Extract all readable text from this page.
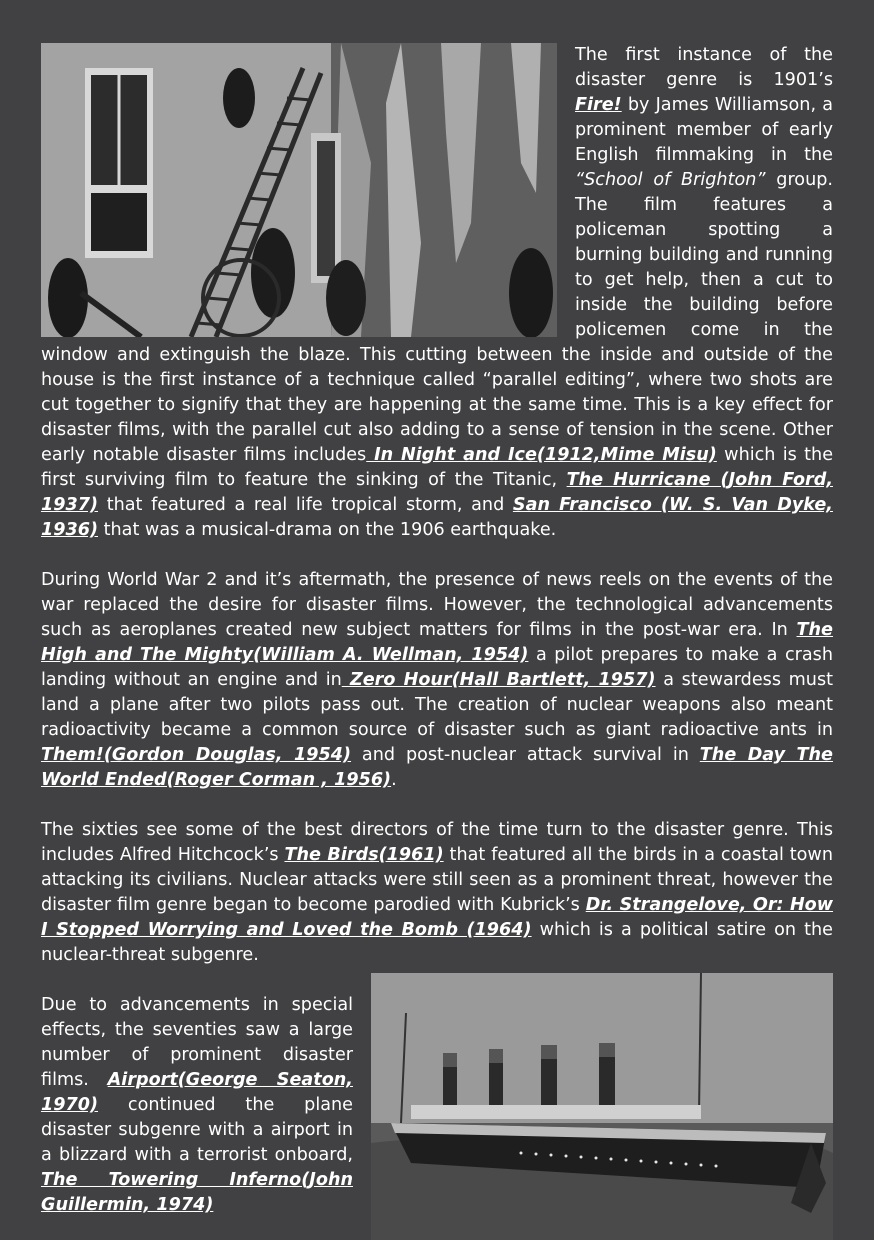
The first instance of the disaster genre is 1901’s Fire! by James Williamson, a prominent member of early English filmmaking in the “School of Brighton” group. The film features a policeman spotting a burning building and running to get help, then a cut to inside the building before policemen come in the window and extinguish the blaze. This cutting between the inside and outside of the house is the first instance of a technique called “parallel editing”, where two shots are cut together to signify that they are happening at the same time. This is a key effect for disaster films, with the parallel cut also adding to a sense of tension in the scene. Other early notable disaster films includes In Night and Ice(1912,Mime Misu) which is the first surviving film to feature the sinking of the Titanic, The Hurricane (John Ford, 1937) that featured a real life tropical storm, and San Francisco (W. S. Van Dyke, 1936) that was a musical-drama on the 1906 earthquake.

During World War 2 and it’s aftermath, the presence of news reels on the events of the war replaced the desire for disaster films. However, the technological advancements such as aeroplanes created new subject matters for films in the post-war era. In The High and The Mighty(William A. Wellman, 1954) a pilot prepares to make a crash landing without an engine and in Zero Hour(Hall Bartlett, 1957) a stewardess must land a plane after two pilots pass out. The creation of nuclear weapons also meant radioactivity became a common source of disaster such as giant radioactive ants in Them!(Gordon Douglas, 1954) and post-nuclear attack survival in The Day The World Ended(Roger Corman , 1956).

The sixties see some of the best directors of the time turn to the disaster genre. This includes Alfred Hitchcock’s The Birds(1961) that featured all the birds in a coastal town attacking its civilians. Nuclear attacks were still seen as a prominent threat, however the disaster film genre began to become parodied with Kubrick’s Dr. Strangelove, Or: How I Stopped Worrying and Loved the Bomb (1964) which is a political satire on the nuclear-threat subgenre.

Due to advancements in special effects, the seventies saw a large number of prominent disaster films. Airport(George Seaton, 1970) continued the plane disaster subgenre with a airport in a blizzard with a terrorist onboard, The Towering Inferno(John Guillermin, 1974)
